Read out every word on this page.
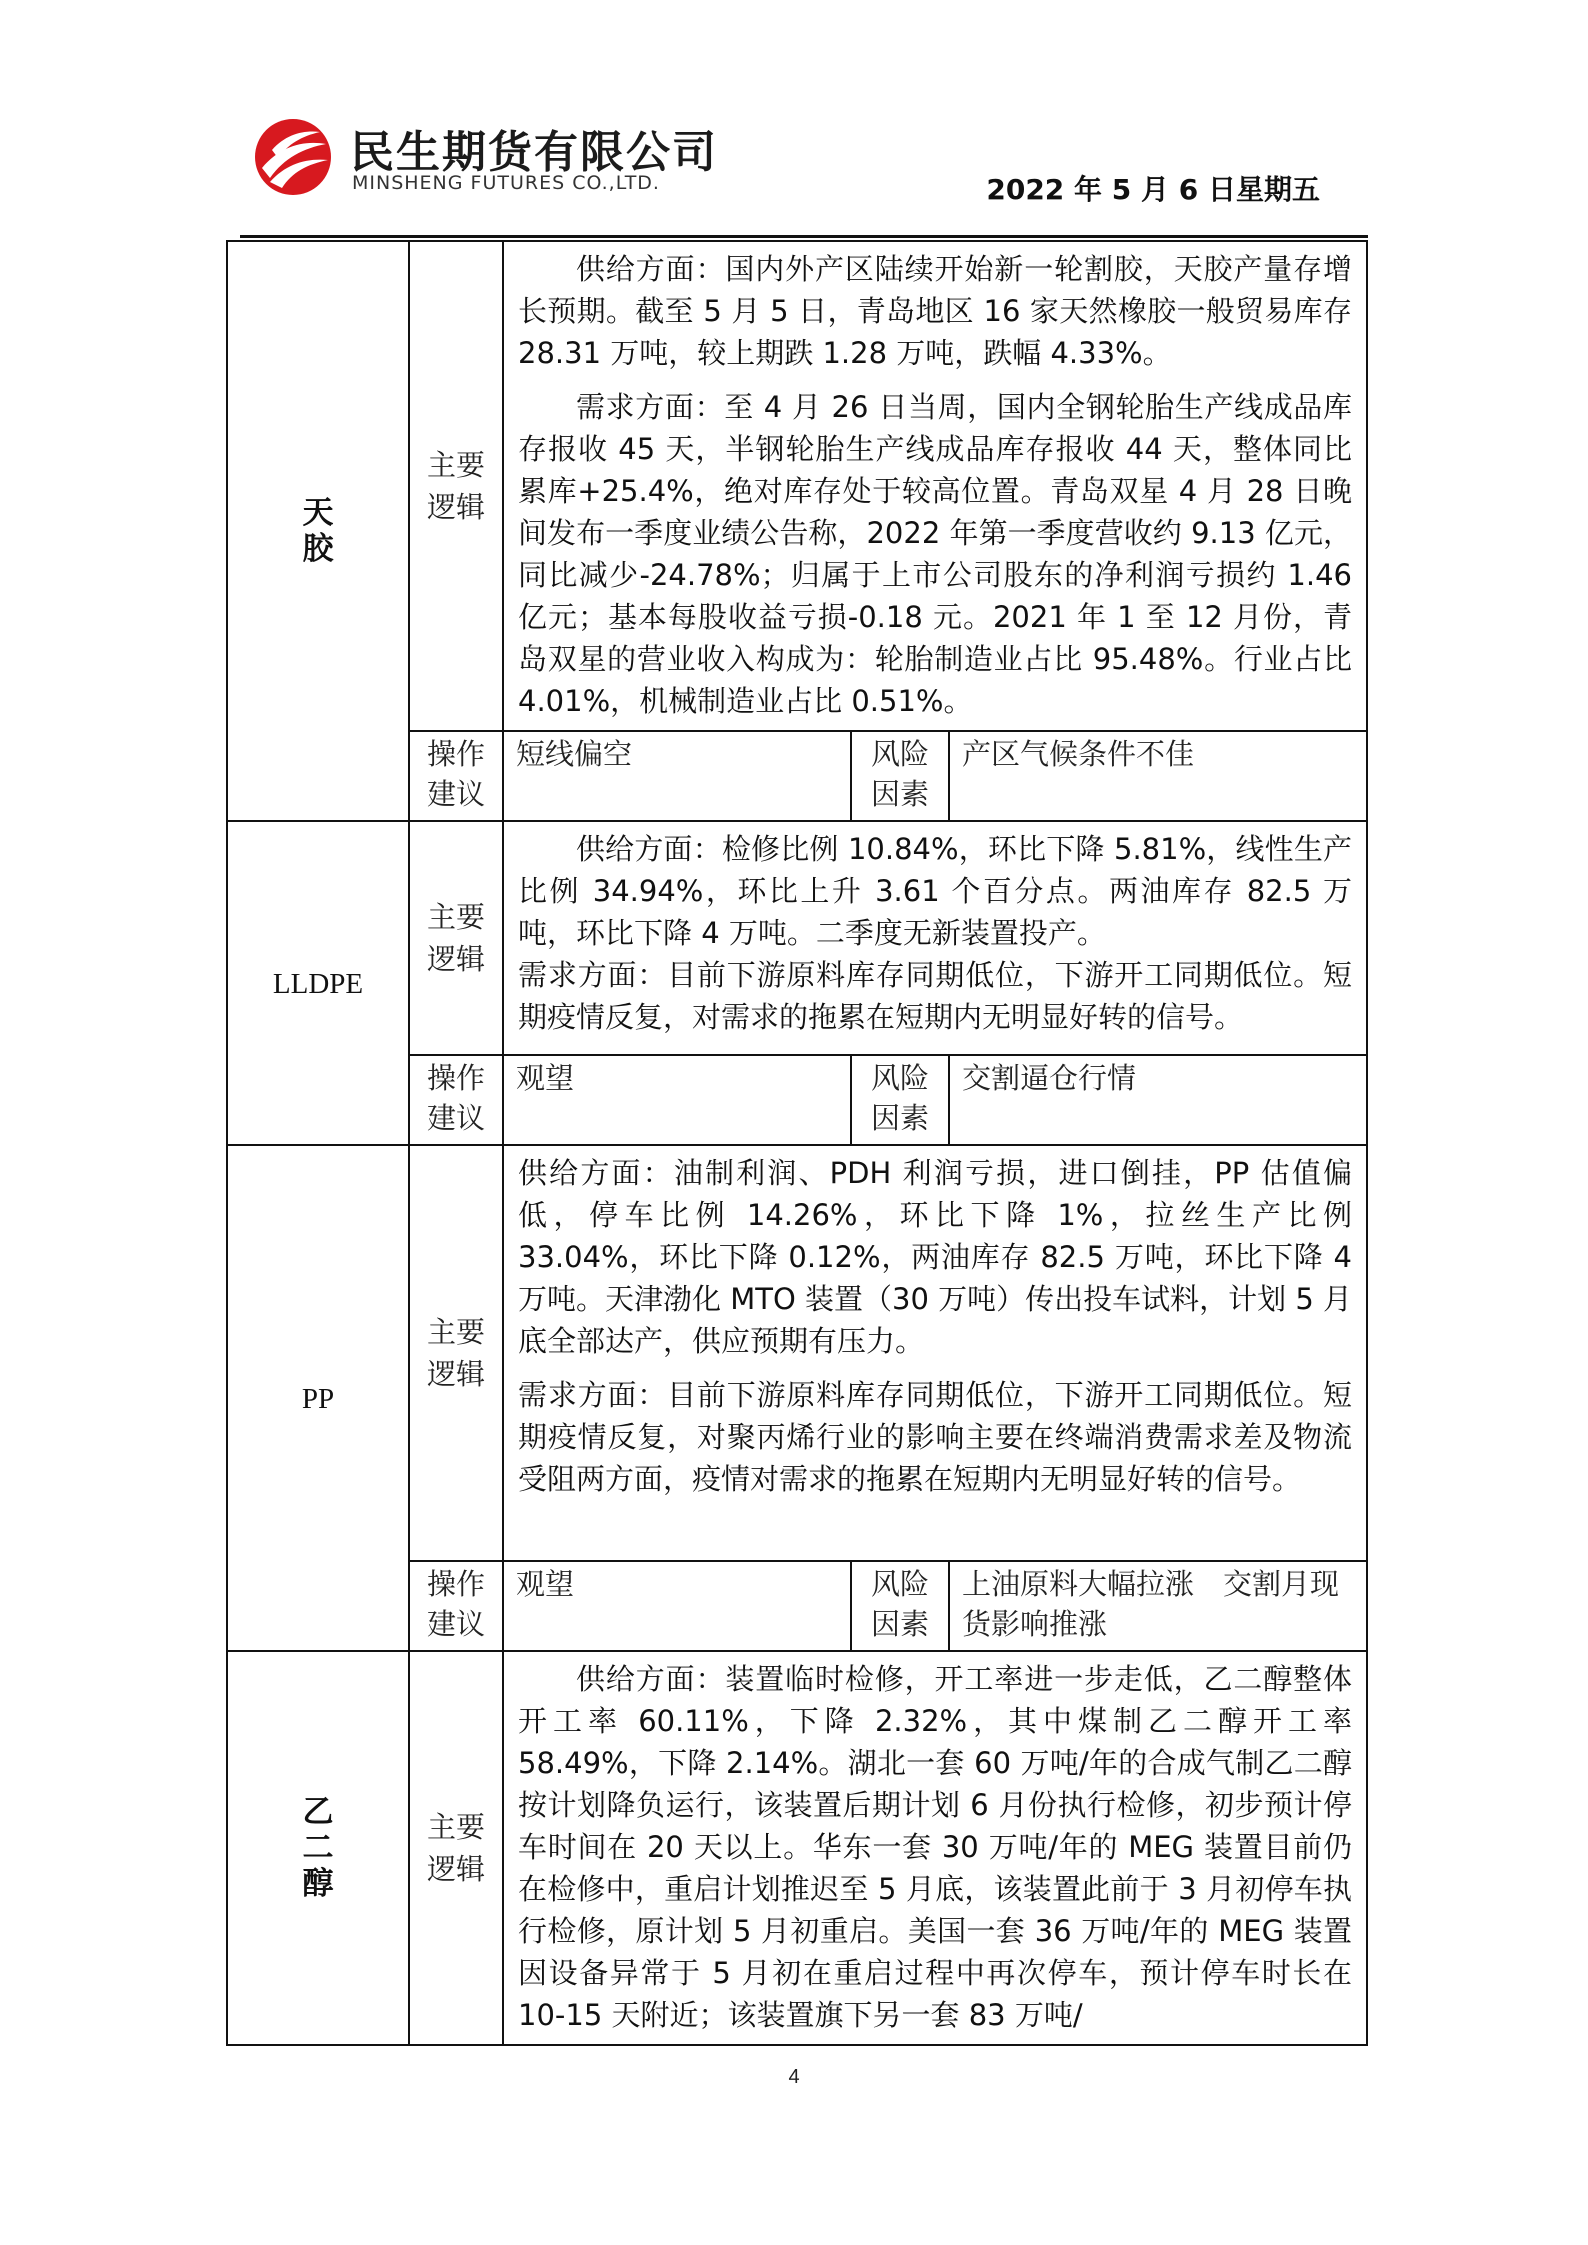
民生期货有限公司
MINSHENG FUTURES CO.,LTD.	2022 年 5 月 6 日星期五
天胶	主要逻辑	供给方面：国内外产区陆续开始新一轮割胶，天胶产量存增长预期。截至 5 月 5 日，青岛地区 16 家天然橡胶一般贸易库存 28.31 万吨，较上期跌 1.28 万吨，跌幅 4.33%。

需求方面：至 4 月 26 日当周，国内全钢轮胎生产线成品库存报收 45 天，半钢轮胎生产线成品库存报收 44 天，整体同比累库+25.4%，绝对库存处于较高位置。青岛双星 4 月 28 日晚间发布一季度业绩公告称，2022 年第一季度营收约 9.13 亿元，同比减少-24.78%；归属于上市公司股东的净利润亏损约 1.46 亿元；基本每股收益亏损-0.18 元。2021 年 1 至 12 月份，青岛双星的营业收入构成为：轮胎制造业占比 95.48%。行业占比 4.01%，机械制造业占比 0.51%。		

	操作建议	短线偏空	风险因素	产区气候条件不佳
LLDPE	主要逻辑	供给方面：检修比例 10.84%，环比下降 5.81%，线性生产比例 34.94%，环比上升 3.61 个百分点。两油库存 82.5 万吨，环比下降 4 万吨。二季度无新装置投产。

需求方面：目前下游原料库存同期低位，下游开工同期低位。短期疫情反复，对需求的拖累在短期内无明显好转的信号。		

	操作建议	观望	风险因素	交割逼仓行情
PP	主要逻辑	供给方面：油制利润、PDH 利润亏损，进口倒挂，PP 估值偏低，停车比例 14.26%，环比下降 1%，拉丝生产比例 33.04%，环比下降 0.12%，两油库存 82.5 万吨，环比下降 4 万吨。天津渤化 MTO 装置（30 万吨）传出投车试料，计划 5 月底全部达产，供应预期有压力。

需求方面：目前下游原料库存同期低位，下游开工同期低位。短期疫情反复，对聚丙烯行业的影响主要在终端消费需求差及物流受阻两方面，疫情对需求的拖累在短期内无明显好转的信号。		

	操作建议	观望	风险因素	上油原料大幅拉涨　交割月现货影响推涨
乙二醇	主要逻辑	供给方面：装置临时检修，开工率进一步走低，乙二醇整体开工率 60.11%，下降 2.32%，其中煤制乙二醇开工率 58.49%，下降 2.14%。湖北一套 60 万吨/年的合成气制乙二醇按计划降负运行，该装置后期计划 6 月份执行检修，初步预计停车时间在 20 天以上。华东一套 30 万吨/年的 MEG 装置目前仍在检修中，重启计划推迟至 5 月底，该装置此前于 3 月初停车执行检修，原计划 5 月初重启。美国一套 36 万吨/年的 MEG 装置因设备异常于 5 月初在重启过程中再次停车，预计停车时长在 10-15 天附近；该装置旗下另一套 83 万吨/		

4
